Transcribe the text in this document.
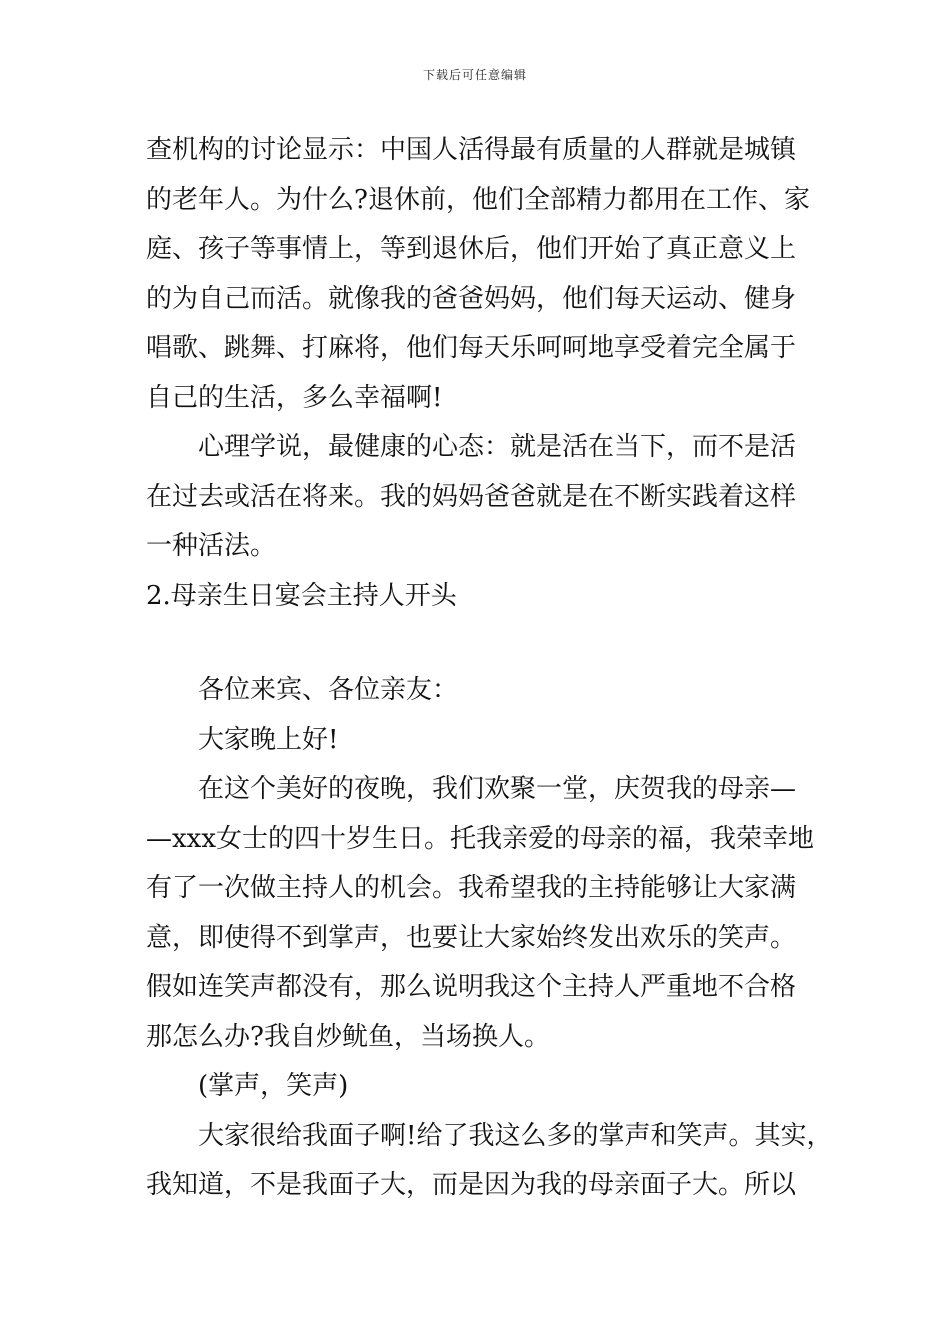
下载后可任意编辑
查机构的讨论显示：中国人活得最有质量的人群就是城镇
的老年人。为什么?退休前，他们全部精力都用在工作、家
庭、孩子等事情上，等到退休后，他们开始了真正意义上
的为自己而活。就像我的爸爸妈妈，他们每天运动、健身
唱歌、跳舞、打麻将，他们每天乐呵呵地享受着完全属于
自己的生活，多么幸福啊!
心理学说，最健康的心态：就是活在当下，而不是活
在过去或活在将来。我的妈妈爸爸就是在不断实践着这样
一种活法。
2.母亲生日宴会主持人开头
各位来宾、各位亲友：
大家晚上好!
在这个美好的夜晚，我们欢聚一堂，庆贺我的母亲—
—xxx女士的四十岁生日。托我亲爱的母亲的福，我荣幸地
有了一次做主持人的机会。我希望我的主持能够让大家满
意，即使得不到掌声，也要让大家始终发出欢乐的笑声。
假如连笑声都没有，那么说明我这个主持人严重地不合格
那怎么办?我自炒鱿鱼，当场换人。
(掌声，笑声)
大家很给我面子啊!给了我这么多的掌声和笑声。其实，
我知道，不是我面子大，而是因为我的母亲面子大。所以
